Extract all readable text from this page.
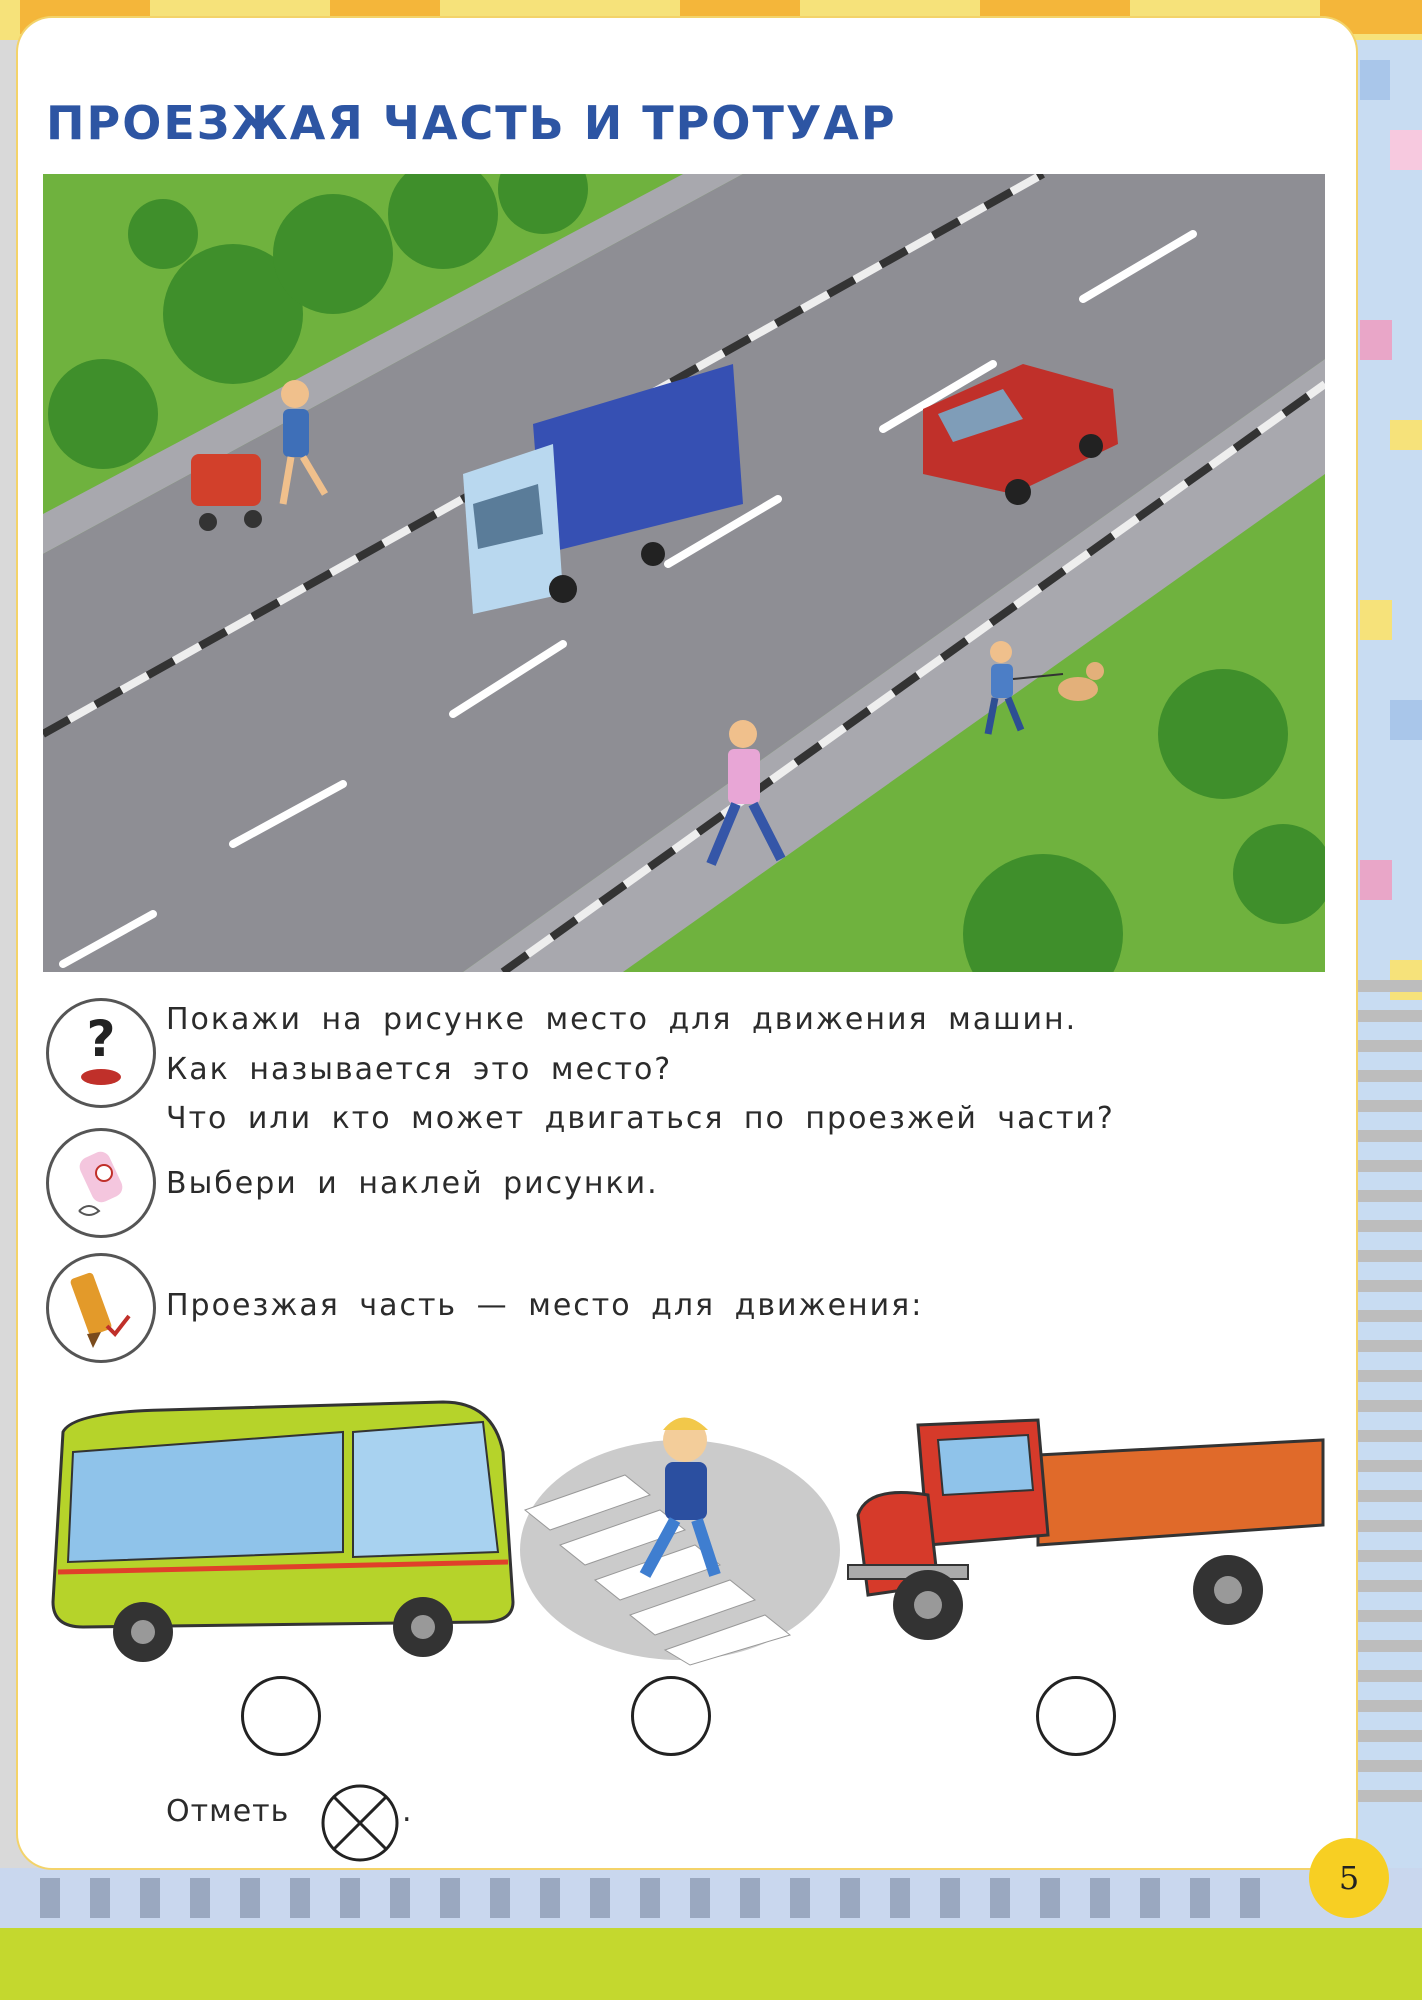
ПРОЕЗЖАЯ ЧАСТЬ И ТРОТУАР
? Покажи на рисунке место для движения машин.
Как называется это место?
Что или кто может двигаться по проезжей части?
Выбери и наклей рисунки.
Проезжая часть — место для движения:
Отметь	.
5
